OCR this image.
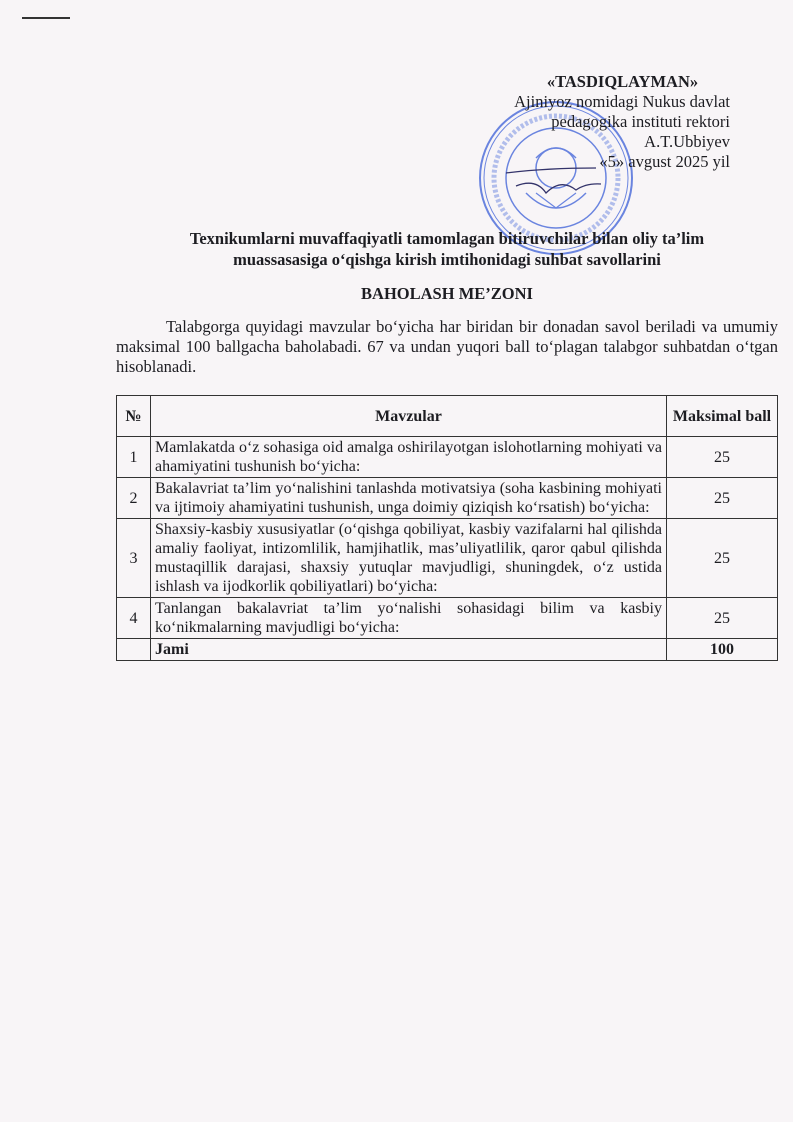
«TASDIQLAYMAN»
Ajiniyoz nomidagi Nukus davlat
pedagogika instituti rektori
A.T.Ubbiyev
«5» avgust 2025 yil
Texnikumlarni muvaffaqiyatli tamomlagan bitiruvchilar bilan oliy ta’lim
muassasasiga o‘qishga kirish imtihonidagi suhbat savollarini
BAHOLASH ME’ZONI
Talabgorga quyidagi mavzular bo‘yicha har biridan bir donadan savol beriladi va umumiy maksimal 100 ballgacha baholabadi. 67 va undan yuqori ball to‘plagan talabgor suhbatdan o‘tgan hisoblanadi.
№	Mavzular	Maksimal ball
1	Mamlakatda o‘z sohasiga oid amalga oshirilayotgan islohotlarning mohiyati va ahamiyatini tushunish bo‘yicha:	25
2	Bakalavriat ta’lim yo‘nalishini tanlashda motivatsiya (soha kasbining mohiyati va ijtimoiy ahamiyatini tushunish, unga doimiy qiziqish ko‘rsatish) bo‘yicha:	25
3	Shaxsiy-kasbiy xususiyatlar (o‘qishga qobiliyat, kasbiy vazifalarni hal qilishda amaliy faoliyat, intizomlilik, hamjihatlik, mas’uliyatlilik, qaror qabul qilishda mustaqillik darajasi, shaxsiy yutuqlar mavjudligi, shuningdek, o‘z ustida ishlash va ijodkorlik qobiliyatlari) bo‘yicha:	25
4	Tanlangan bakalavriat ta’lim yo‘nalishi sohasidagi bilim va kasbiy ko‘nikmalarning mavjudligi bo‘yicha:	25
	Jami	100
